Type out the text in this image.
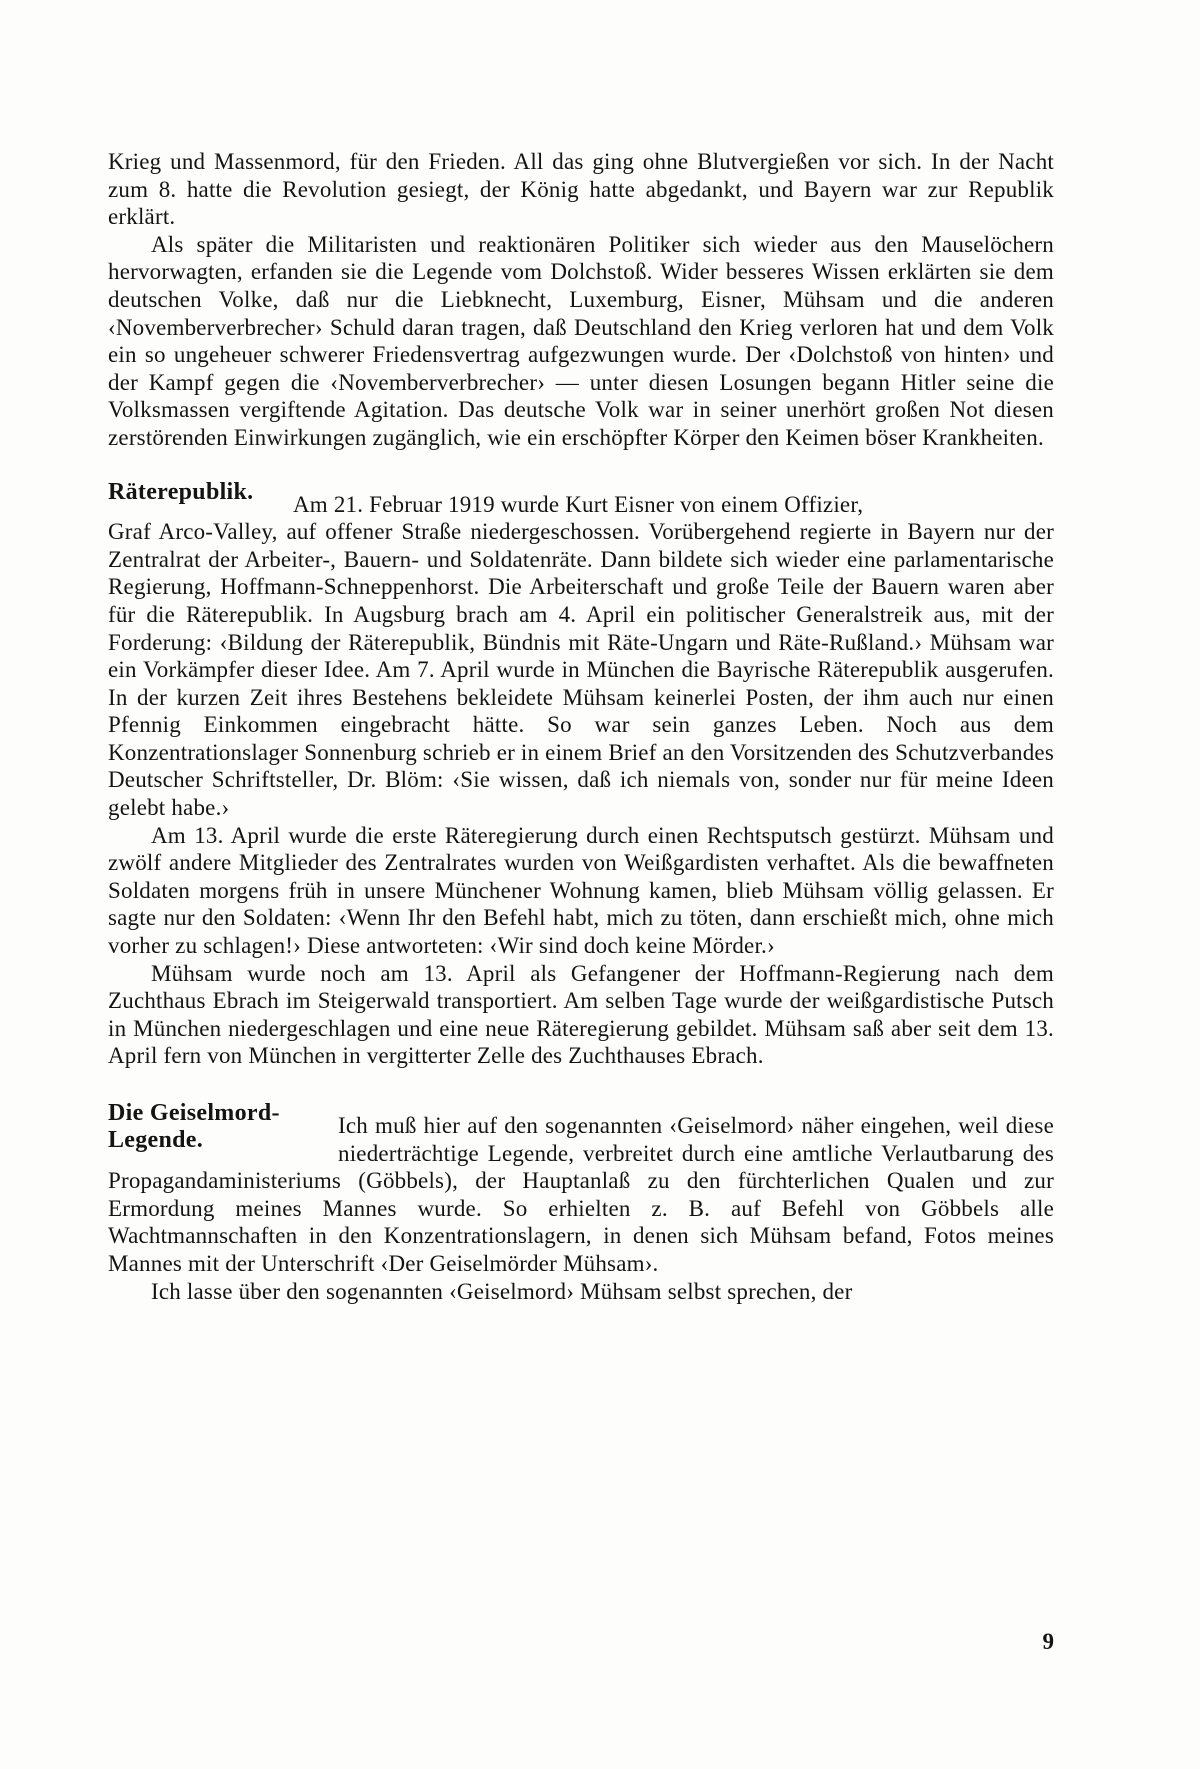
Krieg und Massenmord, für den Frieden. All das ging ohne Blutvergießen vor sich. In der Nacht zum 8. hatte die Revolution gesiegt, der König hatte abgedankt, und Bayern war zur Republik erklärt.

Als später die Militaristen und reaktionären Politiker sich wieder aus den Mauselöchern hervorwagten, erfanden sie die Legende vom Dolchstoß. Wider besseres Wissen erklärten sie dem deutschen Volke, daß nur die Liebknecht, Luxemburg, Eisner, Mühsam und die anderen ‹Novemberverbrecher› Schuld daran tragen, daß Deutschland den Krieg verloren hat und dem Volk ein so ungeheuer schwerer Friedensvertrag aufgezwungen wurde. Der ‹Dolchstoß von hinten› und der Kampf gegen die ‹Novemberverbrecher› — unter diesen Losungen begann Hitler seine die Volksmassen vergiftende Agitation. Das deutsche Volk war in seiner unerhört großen Not diesen zerstörenden Einwirkungen zugänglich, wie ein erschöpfter Körper den Keimen böser Krankheiten.

Räterepublik.	Am 21. Februar 1919 wurde Kurt Eisner von einem Offizier,

Graf Arco-Valley, auf offener Straße niedergeschossen. Vorübergehend regierte in Bayern nur der Zentralrat der Arbeiter-, Bauern- und Soldatenräte. Dann bildete sich wieder eine parlamentarische Regierung, Hoffmann-Schneppenhorst. Die Arbeiterschaft und große Teile der Bauern waren aber für die Räterepublik. In Augsburg brach am 4. April ein politischer Generalstreik aus, mit der Forderung: ‹Bildung der Räterepublik, Bündnis mit Räte-Ungarn und Räte-Rußland.› Mühsam war ein Vorkämpfer dieser Idee. Am 7. April wurde in München die Bayrische Räterepublik ausgerufen. In der kurzen Zeit ihres Bestehens bekleidete Mühsam keinerlei Posten, der ihm auch nur einen Pfennig Einkommen eingebracht hätte. So war sein ganzes Leben. Noch aus dem Konzentrationslager Sonnenburg schrieb er in einem Brief an den Vorsitzenden des Schutzverbandes Deutscher Schriftsteller, Dr. Blöm: ‹Sie wissen, daß ich niemals von, sonder nur für meine Ideen gelebt habe.›

Am 13. April wurde die erste Räteregierung durch einen Rechtsputsch gestürzt. Mühsam und zwölf andere Mitglieder des Zentralrates wurden von Weißgardisten verhaftet. Als die bewaffneten Soldaten morgens früh in unsere Münchener Wohnung kamen, blieb Mühsam völlig gelassen. Er sagte nur den Soldaten: ‹Wenn Ihr den Befehl habt, mich zu töten, dann erschießt mich, ohne mich vorher zu schlagen!› Diese antworteten: ‹Wir sind doch keine Mörder.›

Mühsam wurde noch am 13. April als Gefangener der Hoffmann-Regierung nach dem Zuchthaus Ebrach im Steigerwald transportiert. Am selben Tage wurde der weißgardistische Putsch in München niedergeschlagen und eine neue Räteregierung gebildet. Mühsam saß aber seit dem 13. April fern von München in vergitterter Zelle des Zuchthauses Ebrach.

Die Geiselmord-Legende.

Ich muß hier auf den sogenannten ‹Geiselmord› näher eingehen, weil diese niederträchtige Legende, verbreitet durch eine amtliche Verlautbarung des Propagandaministeriums (Göbbels), der Hauptanlaß zu den fürchterlichen Qualen und zur Ermordung meines Mannes wurde. So erhielten z. B. auf Befehl von Göbbels alle Wachtmannschaften in den Konzentrationslagern, in denen sich Mühsam befand, Fotos meines Mannes mit der Unterschrift ‹Der Geiselmörder Mühsam›.

Ich lasse über den sogenannten ‹Geiselmord› Mühsam selbst sprechen, der

9
